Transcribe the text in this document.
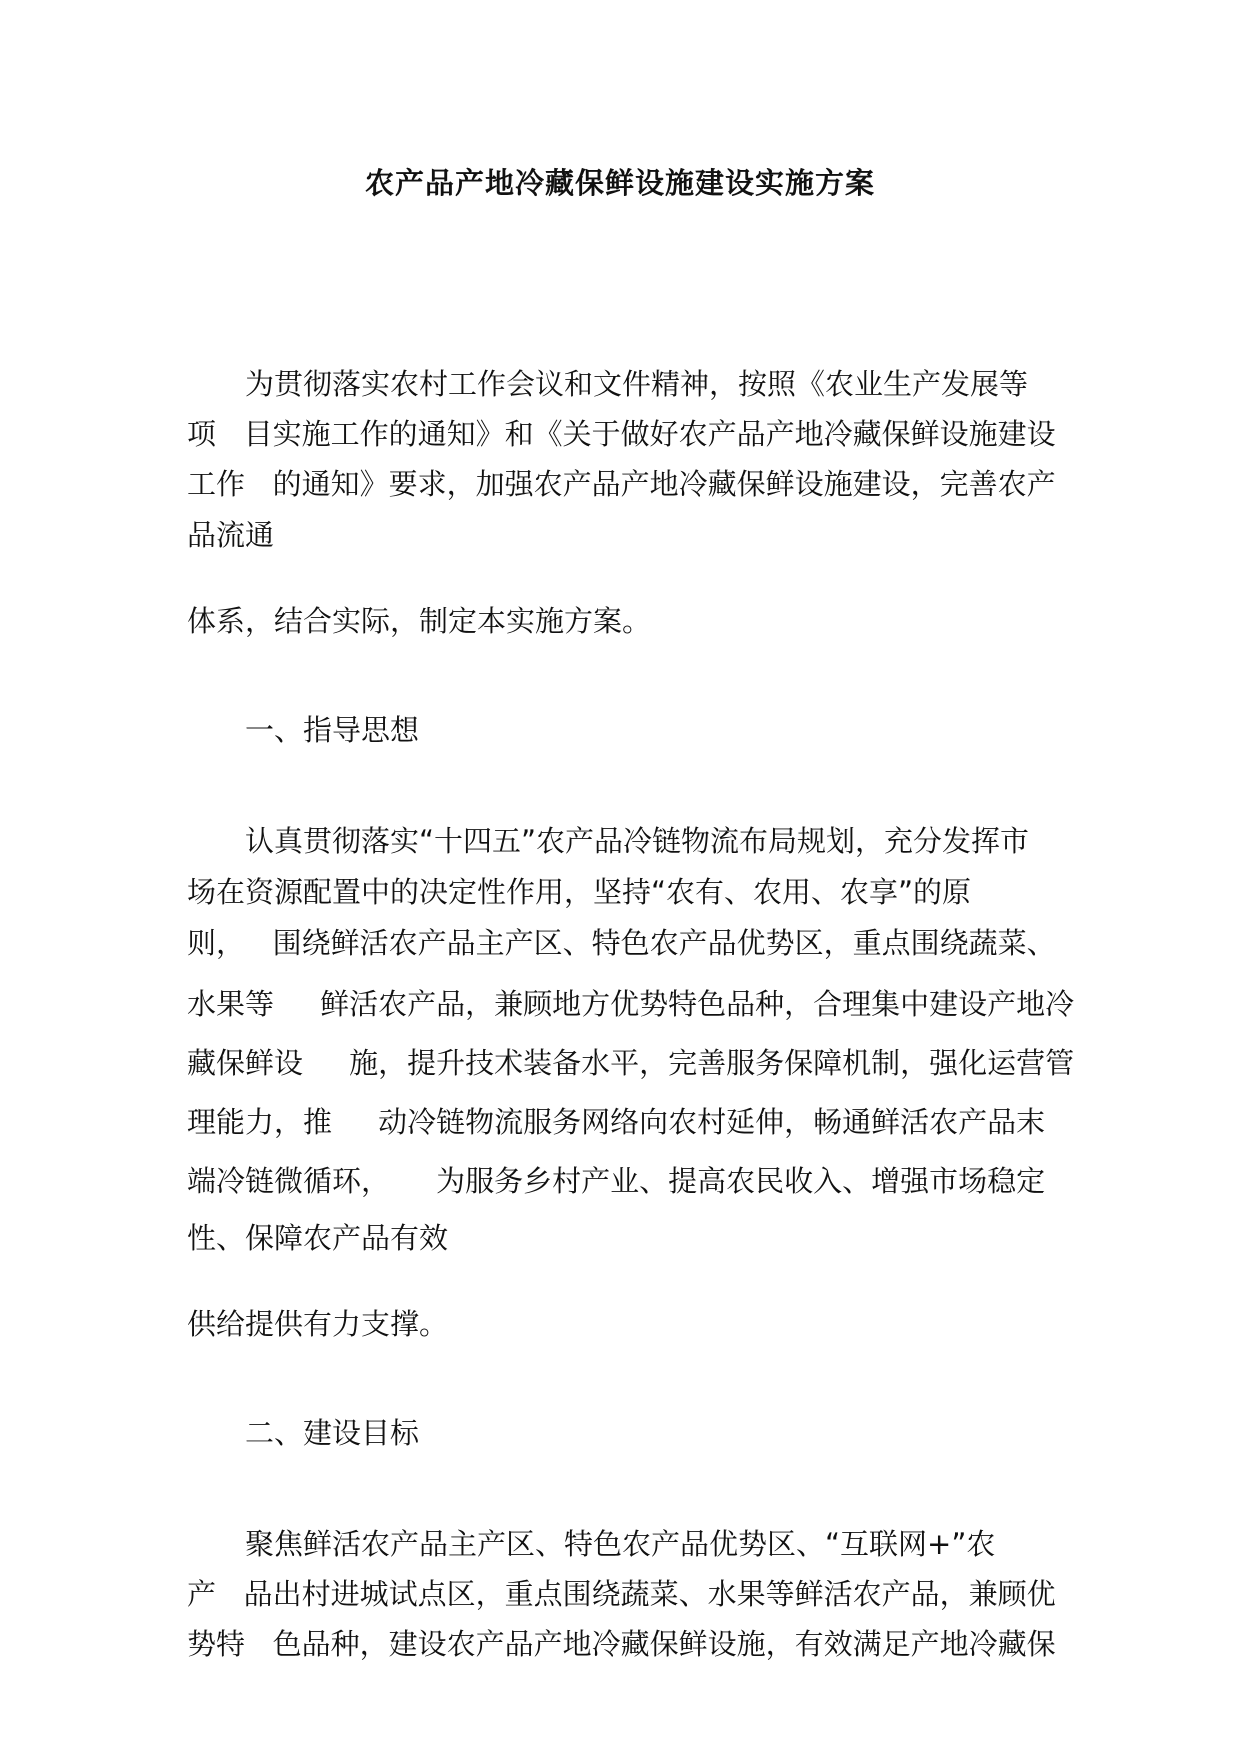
农产品产地冷藏保鲜设施建设实施方案
为贯彻落实农村工作会议和文件精神，按照《农业生产发展等
项   目实施工作的通知》和《关于做好农产品产地冷藏保鲜设施建设
工作   的通知》要求，加强农产品产地冷藏保鲜设施建设，完善农产
品流通
体系，结合实际，制定本实施方案。
一、指导思想
认真贯彻落实“十四五”农产品冷链物流布局规划，充分发挥市
场在资源配置中的决定性作用，坚持“农有、农用、农享”的原
则，   围绕鲜活农产品主产区、特色农产品优势区，重点围绕蔬菜、
水果等     鲜活农产品，兼顾地方优势特色品种，合理集中建设产地冷
藏保鲜设     施，提升技术装备水平，完善服务保障机制，强化运营管
理能力，推     动冷链物流服务网络向农村延伸，畅通鲜活农产品末
端冷链微循环，     为服务乡村产业、提高农民收入、增强市场稳定
性、保障农产品有效
供给提供有力支撑。
二、建设目标
聚焦鲜活农产品主产区、特色农产品优势区、“互联网+”农
产   品出村进城试点区，重点围绕蔬菜、水果等鲜活农产品，兼顾优
势特   色品种，建设农产品产地冷藏保鲜设施，有效满足产地冷藏保
